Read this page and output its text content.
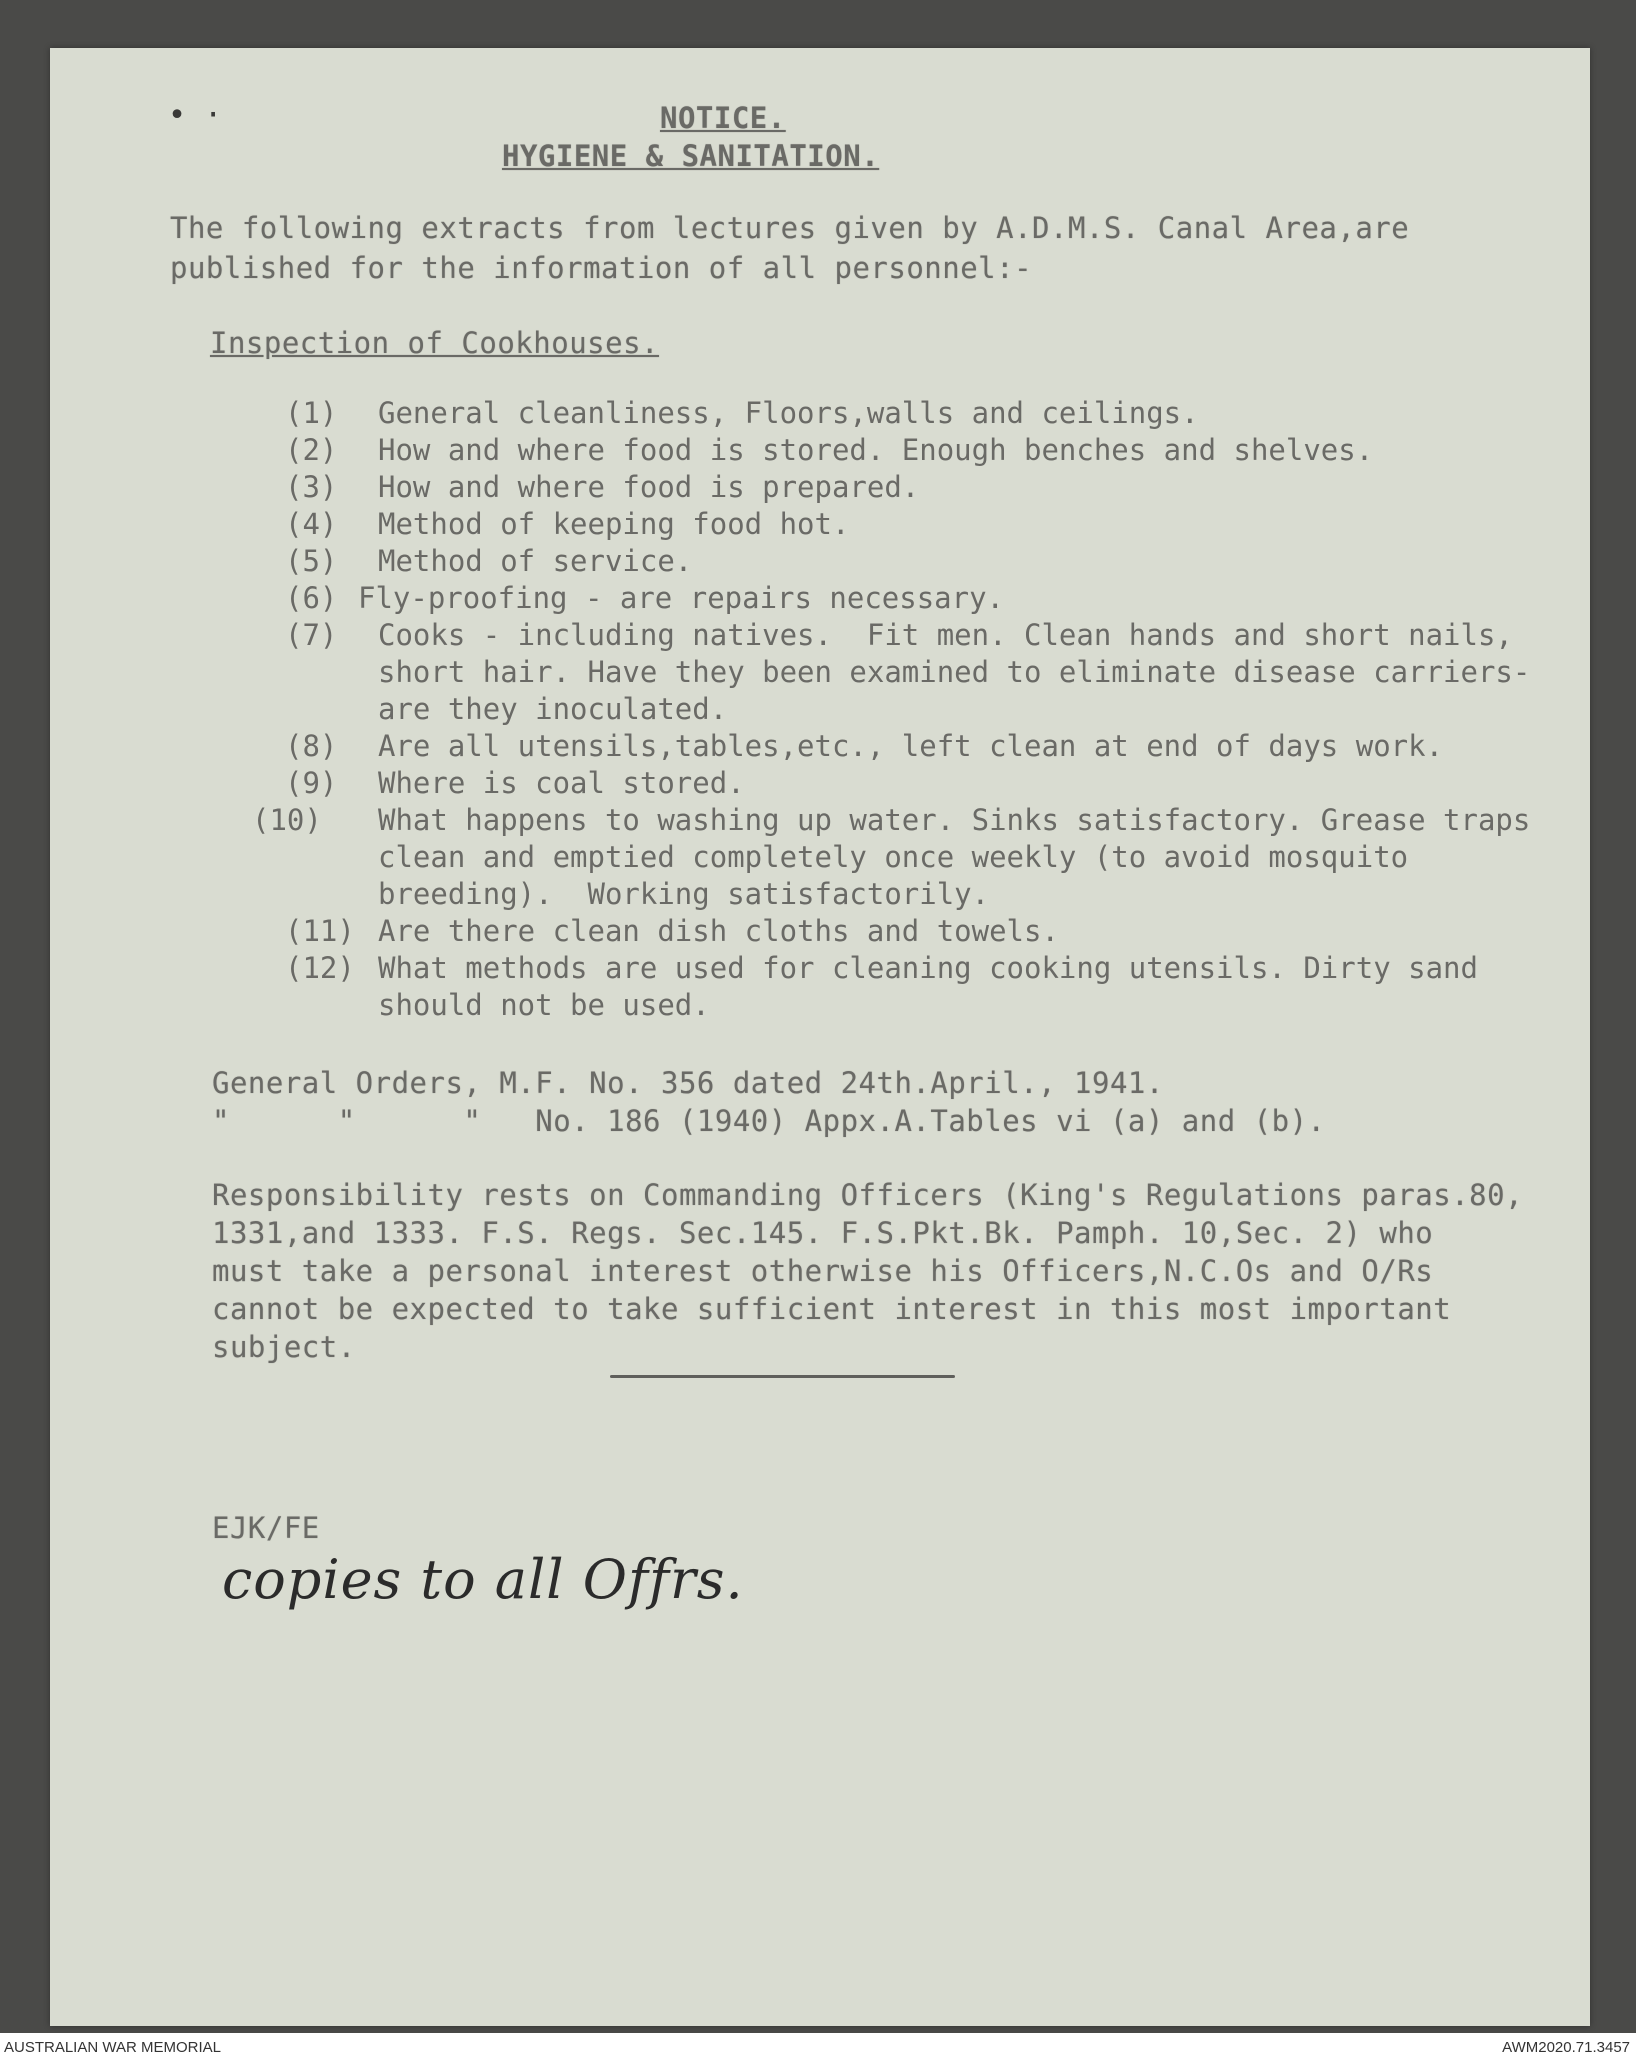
• ·	NOTICE.
HYGIENE & SANITATION.
The following extracts from lectures given by A.D.M.S. Canal Area,are
published for the information of all personnel:-
Inspection of Cookhouses.
(1) General cleanliness, Floors,walls and ceilings.
(2) How and where food is stored. Enough benches and shelves.
(3) How and where food is prepared.
(4) Method of keeping food hot.
(5) Method of service.
(6) Fly-proofing - are repairs necessary.
(7) Cooks - including natives.  Fit men. Clean hands and short nails,
short hair. Have they been examined to eliminate disease carriers-
are they inoculated.
(8) Are all utensils,tables,etc., left clean at end of days work.
(9) Where is coal stored.
(10) What happens to washing up water. Sinks satisfactory. Grease traps
clean and emptied completely once weekly (to avoid mosquito
breeding).  Working satisfactorily.
(11) Are there clean dish cloths and towels.
(12) What methods are used for cleaning cooking utensils. Dirty sand
should not be used.
General Orders, M.F. No. 356 dated 24th.April., 1941.
"      "      "   No. 186 (1940) Appx.A.Tables vi (a) and (b).
Responsibility rests on Commanding Officers (King's Regulations paras.80,
1331,and 1333. F.S. Regs. Sec.145. F.S.Pkt.Bk. Pamph. 10,Sec. 2) who
must take a personal interest otherwise his Officers,N.C.Os and O/Rs
cannot be expected to take sufficient interest in this most important
subject.
EJK/FE
copies to all Offrs.
AUSTRALIAN WAR MEMORIAL	AWM2020.71.3457
